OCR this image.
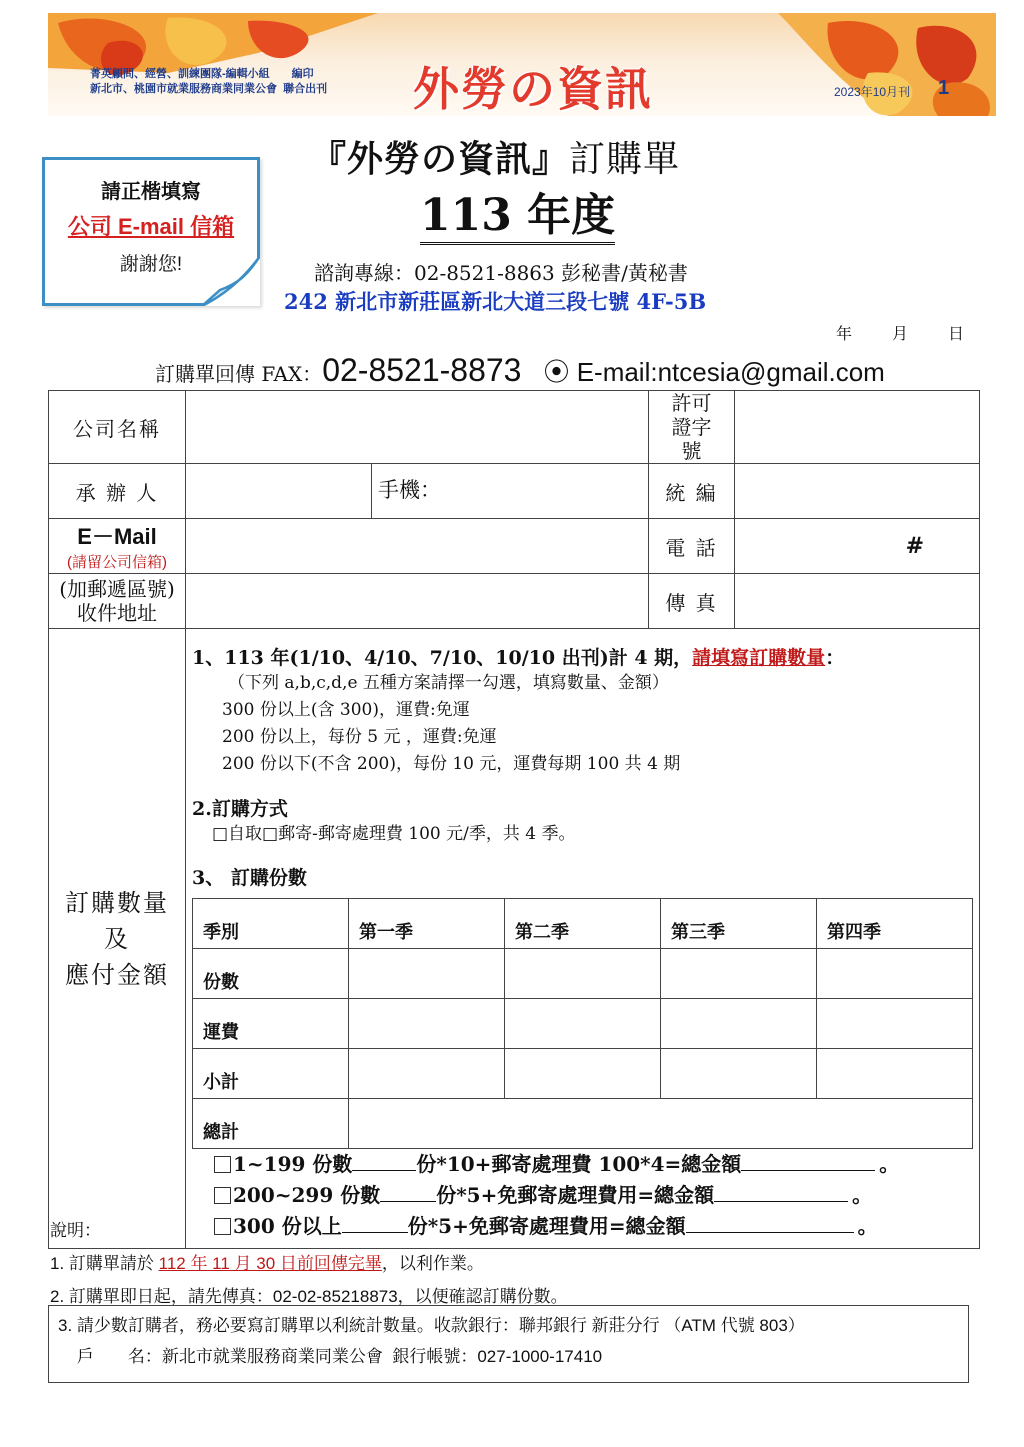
菁英顧問、經營、訓練團隊-編輯小組　　編印
新北市、桃園市就業服務商業同業公會  聯合出刊 外勞の資訊	2023年10月刊 1
請正楷填寫
公司 E-mail 信箱
謝謝您!
『外勞の資訊』訂購單
113 年度
諮詢專線：02-8521-8863 彭秘書/黃秘書
242 新北市新莊區新北大道三段七號 4F-5B
年	月	日
訂購單回傳 FAX：02-8521-8873 ⦿ E-mail:ntcesia@gmail.com
公司名稱		許可證字號	
承 辦 人		手機：	統 編	

E－Mail
(請留公司信箱)
		電 話	#

(加郵遞區號)
收件地址		傳 真	

訂購數量
及
應付金額

1、113 年(1/10、4/10、7/10、10/10 出刊)計 4 期，請填寫訂購數量：
（下列 a,b,c,d,e 五種方案請擇一勾選，填寫數量、金額）
300 份以上(含 300)，運費:免運
200 份以上，每份 5 元 ，運費:免運
200 份以下(不含 200)，每份 10 元，運費每期 100 共 4 期
2.訂購方式
□自取□郵寄-郵寄處理費 100 元/季，共 4 季。
3、 訂購份數
季別	第一季	第二季	第三季	第四季
份數				
運費				
小計				
總計	
1~199 份數	份*10+郵寄處理費 100*4=總金額	。
200~299 份數	份*5+免郵寄處理費用=總金額	。
300 份以上	份*5+免郵寄處理費用=總金額	。
說明：
1. 訂購單請於 112 年 11 月 30 日前回傳完畢，以利作業。
2. 訂購單即日起，請先傳真：02-02-85218873，以便確認訂購份數。
3. 請少數訂購者，務必要寫訂購單以利統計數量。收款銀行：聯邦銀行 新莊分行 （ATM 代號 803）
戶　　名：新北市就業服務商業同業公會  銀行帳號：027-1000-17410
